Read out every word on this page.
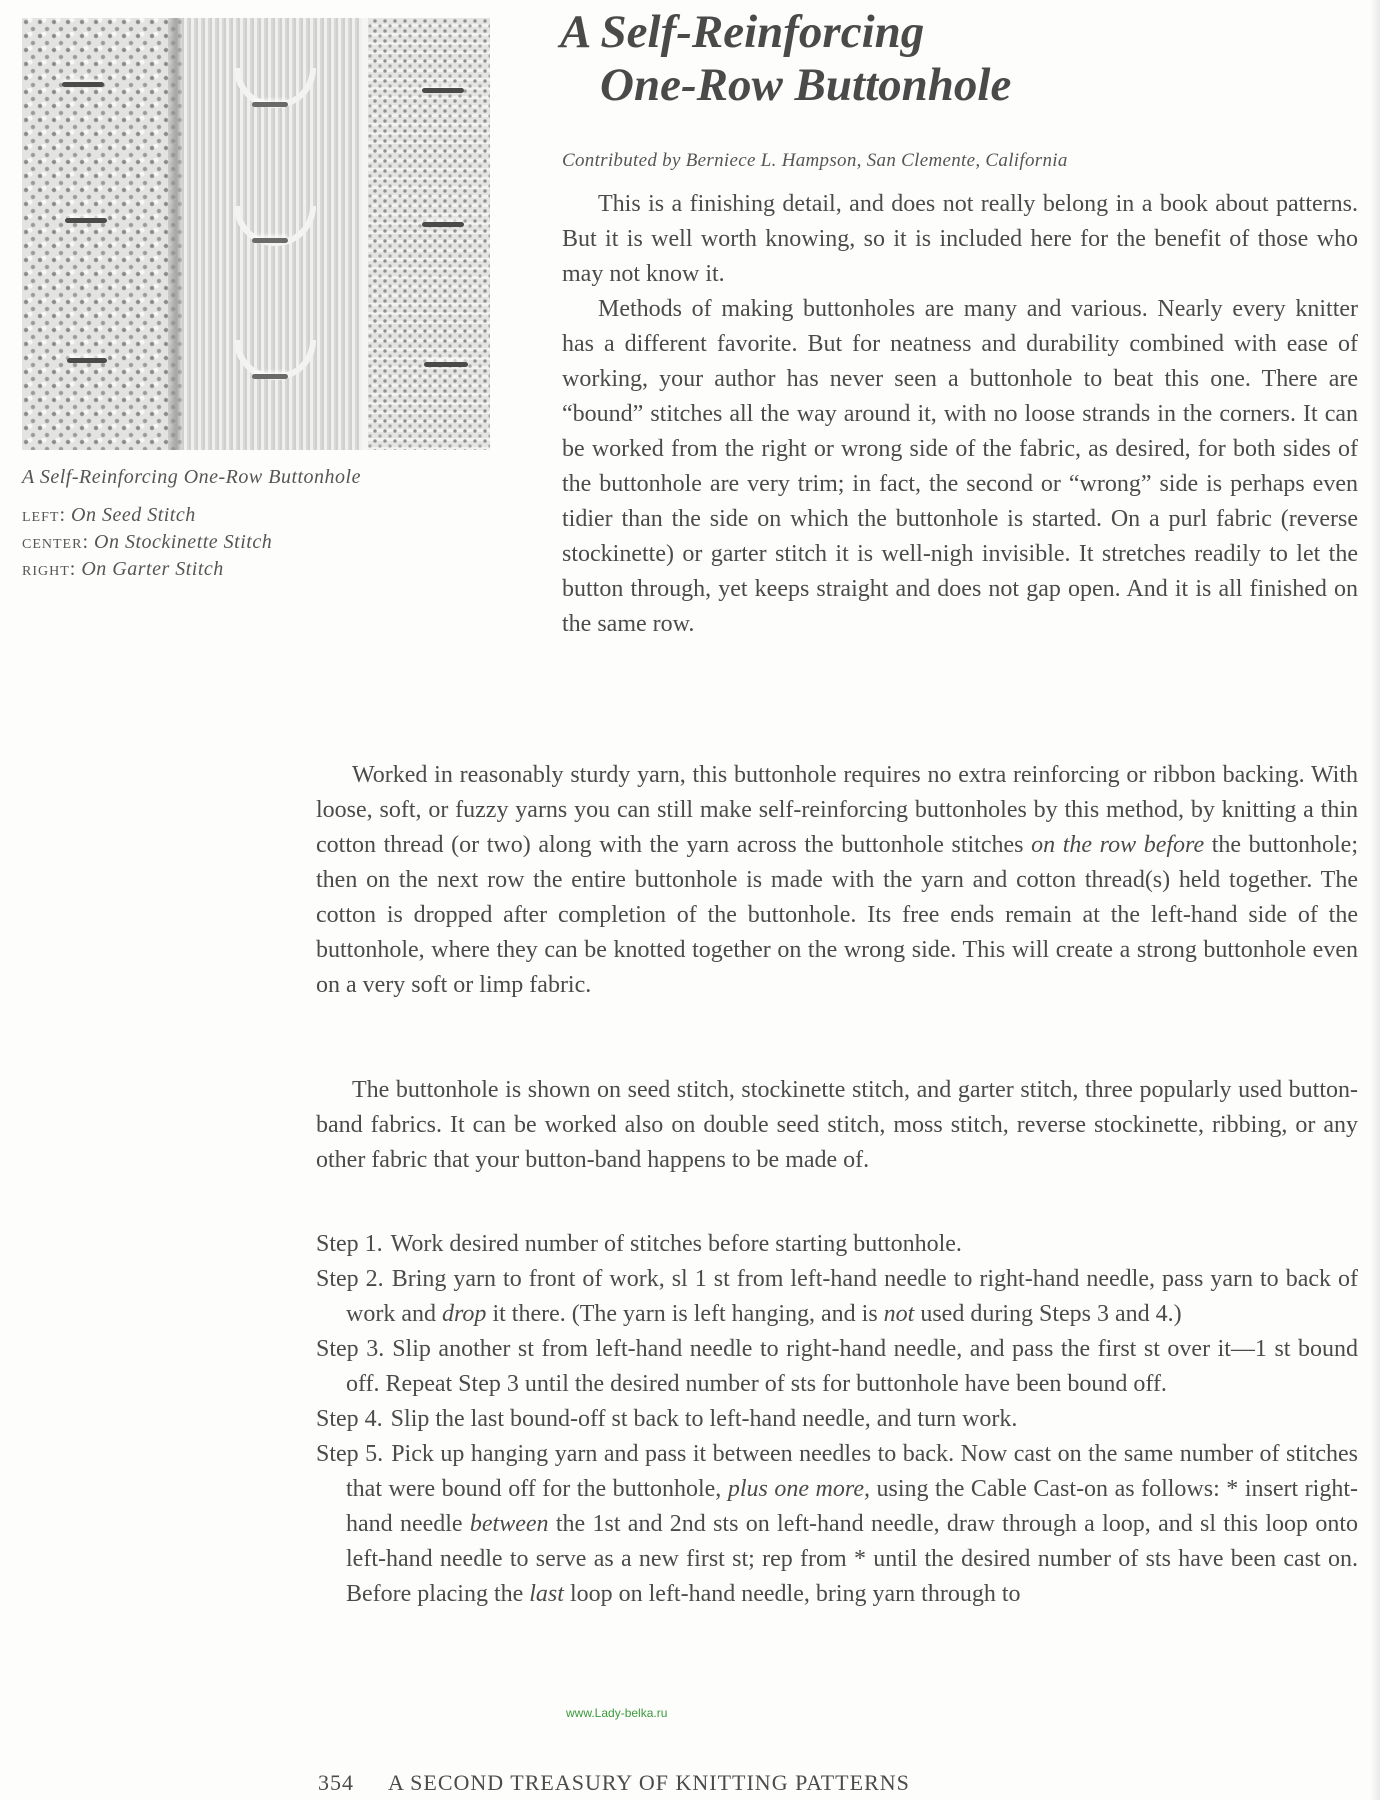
A Self-Reinforcing One-Row Buttonhole
left: On Seed Stitch
center: On Stockinette Stitch
right: On Garter Stitch
A Self-Reinforcing
One-Row Buttonhole
Contributed by Berniece L. Hampson, San Clemente, California

This is a finishing detail, and does not really belong in a book about patterns. But it is well worth knowing, so it is included here for the benefit of those who may not know it.

Methods of making buttonholes are many and various. Nearly every knitter has a different favorite. But for neatness and durability combined with ease of working, your author has never seen a buttonhole to beat this one. There are “bound” stitches all the way around it, with no loose strands in the corners. It can be worked from the right or wrong side of the fabric, as desired, for both sides of the buttonhole are very trim; in fact, the second or “wrong” side is perhaps even tidier than the side on which the buttonhole is started. On a purl fabric (reverse stockinette) or garter stitch it is well-nigh invisible. It stretches readily to let the button through, yet keeps straight and does not gap open. And it is all finished on the same row.

Worked in reasonably sturdy yarn, this buttonhole requires no extra reinforcing or ribbon backing. With loose, soft, or fuzzy yarns you can still make self-reinforcing buttonholes by this method, by knitting a thin cotton thread (or two) along with the yarn across the buttonhole stitches on the row before the buttonhole; then on the next row the entire buttonhole is made with the yarn and cotton thread(s) held together. The cotton is dropped after completion of the buttonhole. Its free ends remain at the left-hand side of the buttonhole, where they can be knotted together on the wrong side. This will create a strong buttonhole even on a very soft or limp fabric.

The buttonhole is shown on seed stitch, stockinette stitch, and garter stitch, three popularly used button-band fabrics. It can be worked also on double seed stitch, moss stitch, reverse stockinette, ribbing, or any other fabric that your button-band happens to be made of.

Step 1. Work desired number of stitches before starting buttonhole.
Step 2. Bring yarn to front of work, sl 1 st from left-hand needle to right-hand needle, pass yarn to back of work and drop it there. (The yarn is left hanging, and is not used during Steps 3 and 4.)
Step 3. Slip another st from left-hand needle to right-hand needle, and pass the first st over it—1 st bound off. Repeat Step 3 until the desired number of sts for buttonhole have been bound off.
Step 4. Slip the last bound-off st back to left-hand needle, and turn work.
Step 5. Pick up hanging yarn and pass it between needles to back. Now cast on the same number of stitches that were bound off for the buttonhole, plus one more, using the Cable Cast-on as follows: * insert right-hand needle between the 1st and 2nd sts on left-hand needle, draw through a loop, and sl this loop onto left-hand needle to serve as a new first st; rep from * until the desired number of sts have been cast on. Before placing the last loop on left-hand needle, bring yarn through to
www.Lady-belka.ru
354 A SECOND TREASURY OF KNITTING PATTERNS
